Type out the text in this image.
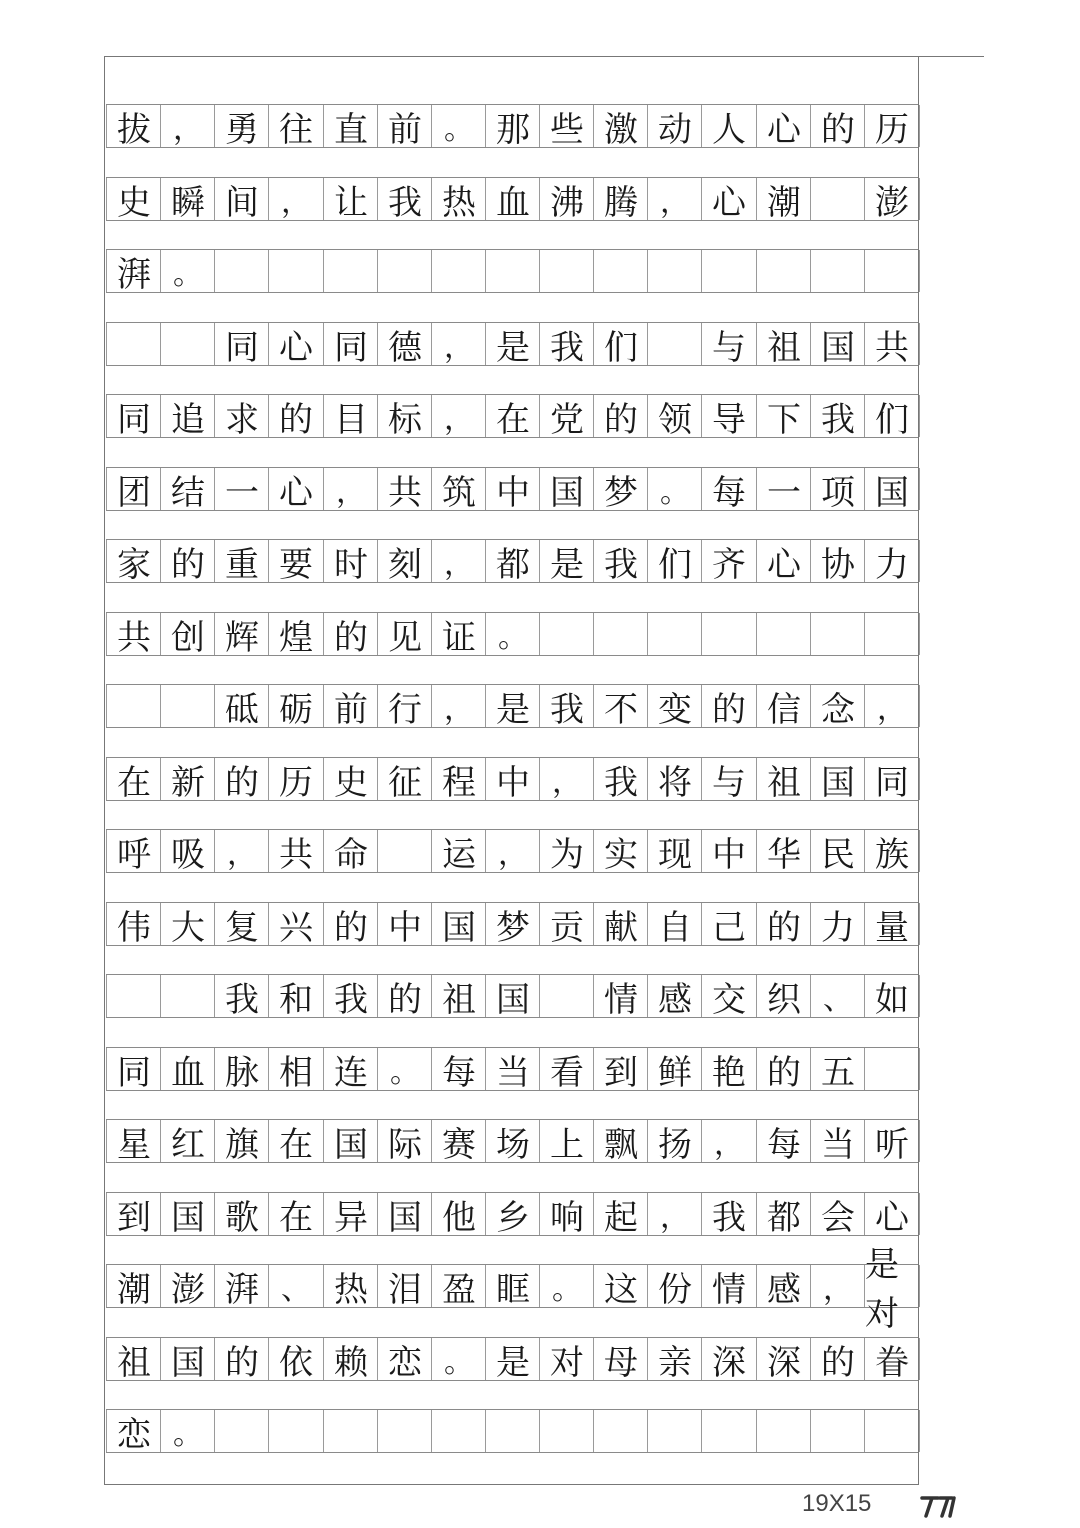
拔 ， 勇 往 直 前 。 那 些 激 动 人 心 的 历
史 瞬 间 ， 让 我 热 血 沸 腾 ， 心 潮	澎
湃 。
同 心 同 德 ， 是 我 们	与 祖 国 共
同 追 求 的 目 标 ， 在 党 的 领 导 下 我 们
团 结 一 心 ， 共 筑 中 国 梦 。 每 一 项 国
家 的 重 要 时 刻 ， 都 是 我 们 齐 心 协 力
共 创 辉 煌 的 见 证 。
砥 砺 前 行 ， 是 我 不 变 的 信 念 ，
在 新 的 历 史 征 程 中 ， 我 将 与 祖 国 同
呼 吸 ， 共 命	运 ， 为 实 现 中 华 民 族
伟 大 复 兴 的 中 国 梦 贡 献 自 己 的 力 量
我 和 我 的 祖 国	情 感 交 织 、 如
同 血 脉 相 连 。 每 当 看 到 鲜 艳 的 五
星 红 旗 在 国 际 赛 场 上 飘 扬 ， 每 当 听
到 国 歌 在 异 国 他 乡 响 起 ， 我 都 会 心
潮 澎 湃 、 热 泪 盈 眶 。 这 份 情 感 ，
是对
祖 国 的 依 赖 恋 。 是 对 母 亲 深 深 的 眷
恋 。
19X15
